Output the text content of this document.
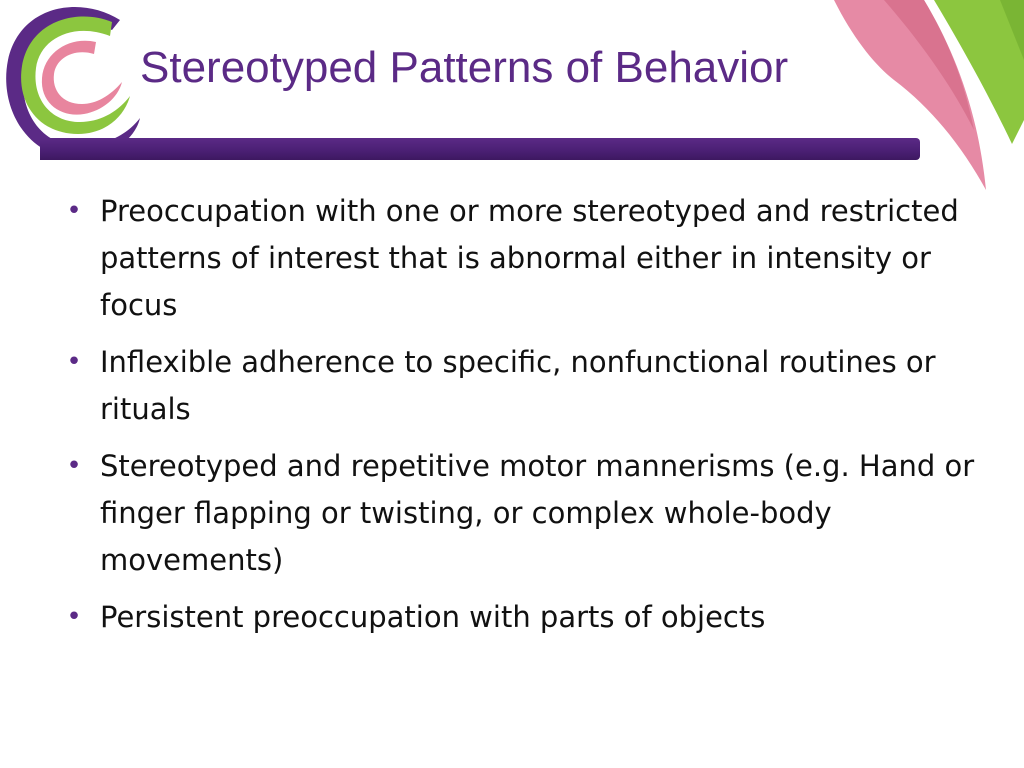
Stereotyped Patterns of Behavior
• Preoccupation with one or more stereotyped and restricted patterns of interest that is abnormal either in intensity or focus
• Inflexible adherence to specific, nonfunctional routines or rituals
• Stereotyped and repetitive motor mannerisms (e.g. Hand or finger flapping or twisting, or complex whole-body movements)
• Persistent preoccupation with parts of objects
